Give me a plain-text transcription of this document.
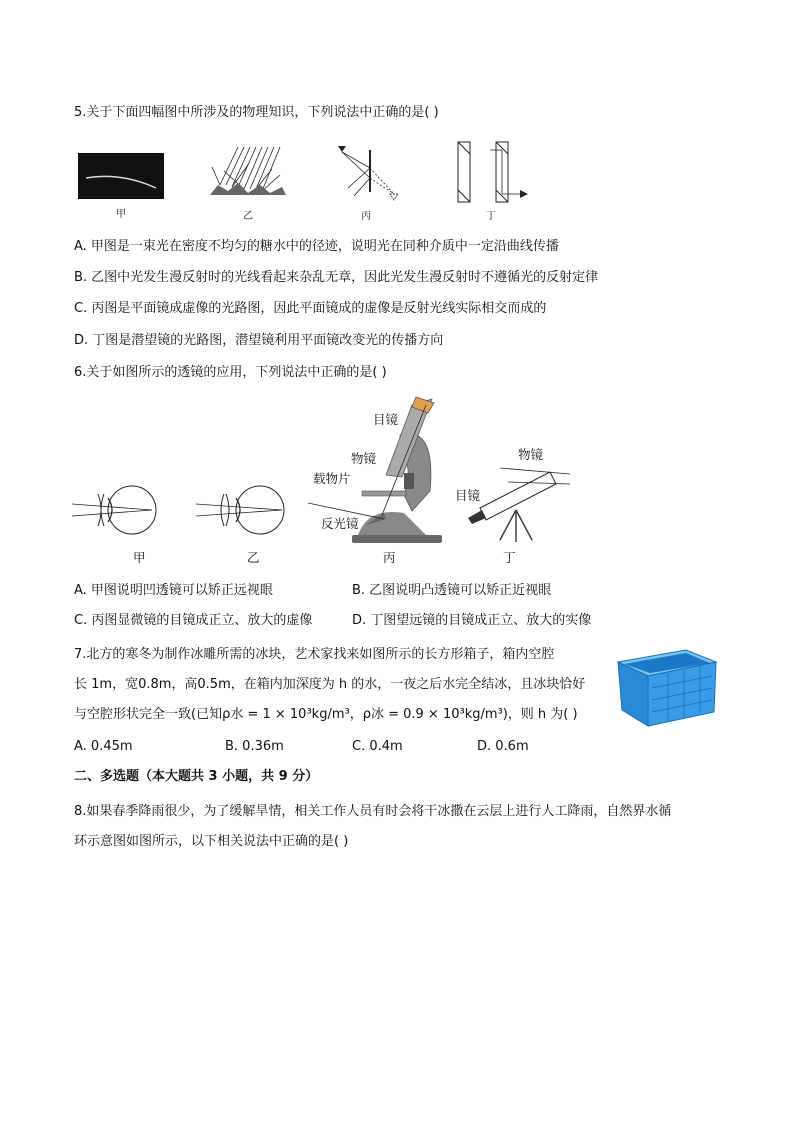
5.关于下面四幅图中所涉及的物理知识，下列说法中正确的是( )
甲	乙	丙	丁
A. 甲图是一束光在密度不均匀的糖水中的径迹，说明光在同种介质中一定沿曲线传播
B. 乙图中光发生漫反射时的光线看起来杂乱无章，因此光发生漫反射时不遵循光的反射定律
C. 丙图是平面镜成虚像的光路图，因此平面镜成的虚像是反射光线实际相交而成的
D. 丁图是潜望镜的光路图，潜望镜利用平面镜改变光的传播方向
6.关于如图所示的透镜的应用，下列说法中正确的是( )
甲	乙
目镜
物镜
载物片
反光镜
丙
物镜
目镜
丁
A. 甲图说明凹透镜可以矫正远视眼	B. 乙图说明凸透镜可以矫正近视眼
C. 丙图显微镜的目镜成正立、放大的虚像	D. 丁图望远镜的目镜成正立、放大的实像
7.北方的寒冬为制作冰雕所需的冰块，艺术家找来如图所示的长方形箱子，箱内空腔
长 1m，宽0.8m，高0.5m，在箱内加深度为 h 的水，一夜之后水完全结冰，且冰块恰好
与空腔形状完全一致(已知ρ水 = 1 × 10³kg/m³，ρ冰 = 0.9 × 10³kg/m³)，则 h 为( )
A. 0.45m	B. 0.36m	C. 0.4m	D. 0.6m
二、多选题（本大题共 3 小题，共 9 分）
8.如果春季降雨很少，为了缓解旱情，相关工作人员有时会将干冰撒在云层上进行人工降雨，自然界水循
环示意图如图所示，以下相关说法中正确的是( )
